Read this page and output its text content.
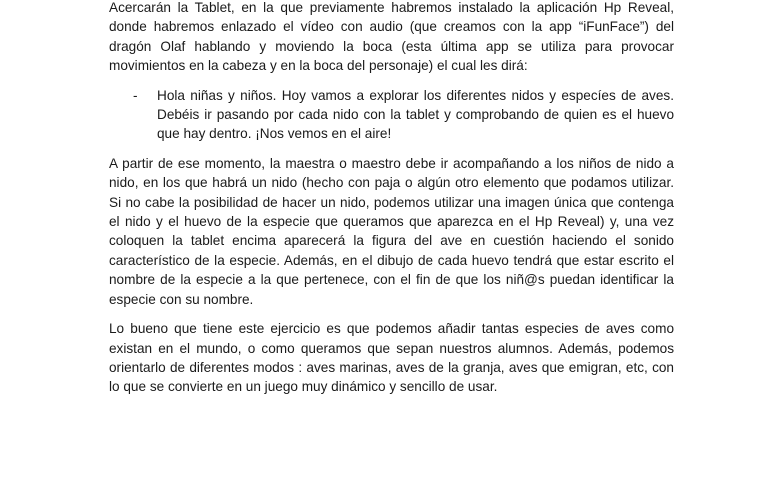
Acercarán la Tablet, en la que previamente habremos instalado la aplicación Hp Reveal, donde habremos enlazado el vídeo con audio (que creamos con la app “iFunFace”) del dragón Olaf hablando y moviendo la boca (esta última app se utiliza para provocar movimientos en la cabeza y en la boca del personaje) el cual les dirá:

-	Hola niñas y niños. Hoy vamos a explorar los diferentes nidos y especíes de aves. Debéis ir pasando por cada nido con la tablet y comprobando de quien es el huevo que hay dentro. ¡Nos vemos en el aire!

A partir de ese momento, la maestra o maestro debe ir acompañando a los niños de nido a nido, en los que habrá un nido (hecho con paja o algún otro elemento que podamos utilizar. Si no cabe la posibilidad de hacer un nido, podemos utilizar una imagen única que contenga el nido y el huevo de la especie que queramos que aparezca en el Hp Reveal) y, una vez coloquen la tablet encima aparecerá la figura del ave en cuestión haciendo el sonido característico de la especie. Además, en el dibujo de cada huevo tendrá que estar escrito el nombre de la especie a la que pertenece, con el fin de que los niñ@s puedan identificar la especie con su nombre.

Lo bueno que tiene este ejercicio es que podemos añadir tantas especies de aves como existan en el mundo, o como queramos que sepan nuestros alumnos. Además, podemos orientarlo de diferentes modos : aves marinas, aves de la granja, aves que emigran, etc, con lo que se convierte en un juego muy dinámico y sencillo de usar.
